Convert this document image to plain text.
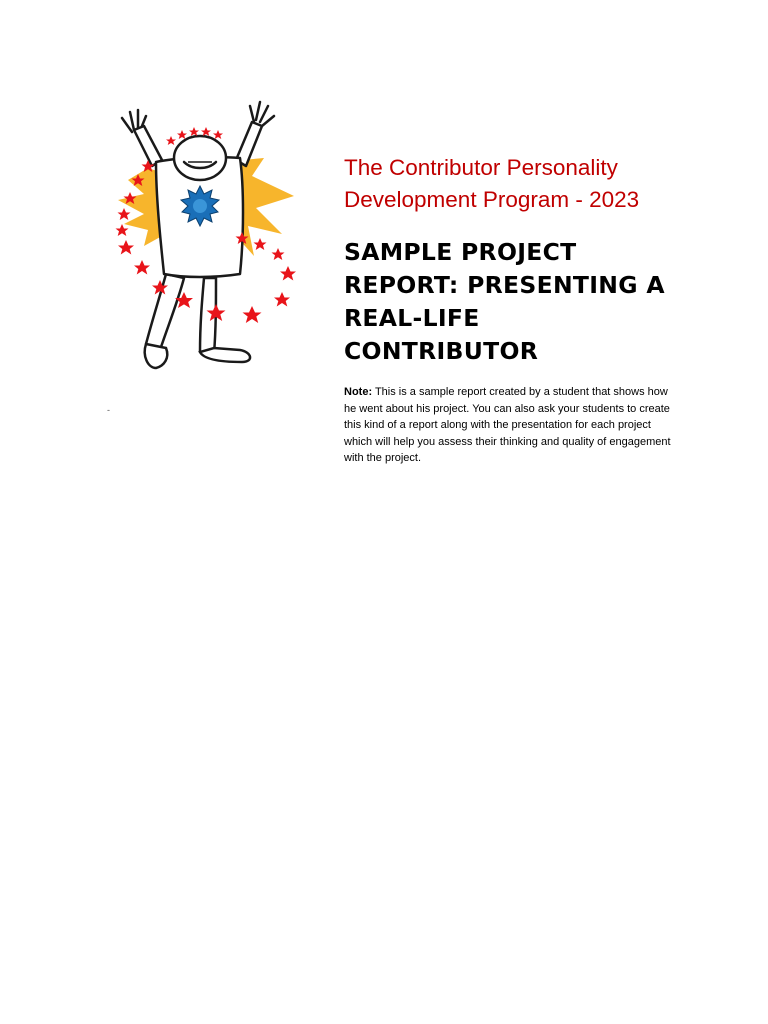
-
The Contributor Personality Development Program - 2023
SAMPLE PROJECT REPORT: PRESENTING A REAL-LIFE CONTRIBUTOR

Note: This is a sample report created by a student that shows how he went about his project. You can also ask your students to create this kind of a report along with the presentation for each project which will help you assess their thinking and quality of engagement with the project.
